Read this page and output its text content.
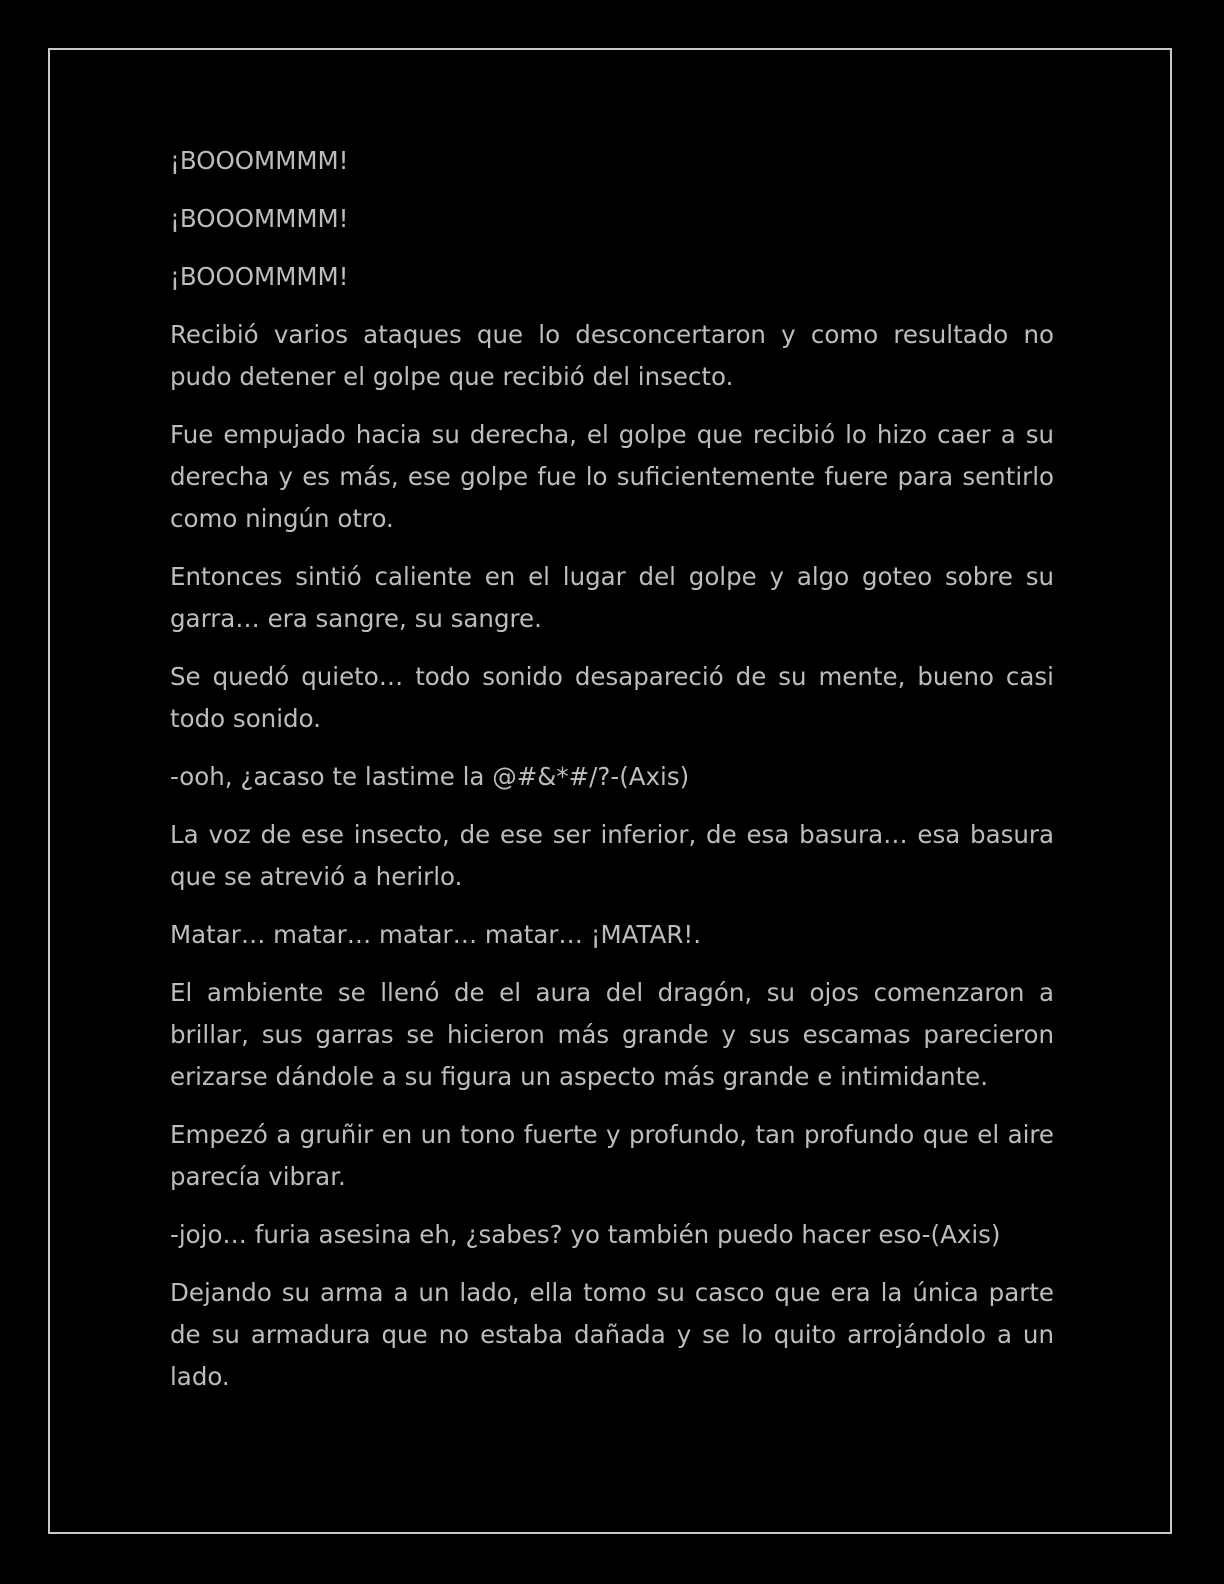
¡BOOOMMMM!

¡BOOOMMMM!

¡BOOOMMMM!

Recibió varios ataques que lo desconcertaron y como resultado no pudo detener el golpe que recibió del insecto.

Fue empujado hacia su derecha, el golpe que recibió lo hizo caer a su derecha y es más, ese golpe fue lo suficientemente fuere para sentirlo como ningún otro.

Entonces sintió caliente en el lugar del golpe y algo goteo sobre su garra… era sangre, su sangre.

Se quedó quieto… todo sonido desapareció de su mente, bueno casi todo sonido.

-ooh, ¿acaso te lastime la @#&*#/?-(Axis)

La voz de ese insecto, de ese ser inferior, de esa basura… esa basura que se atrevió a herirlo.

Matar… matar… matar… matar… ¡MATAR!.

El ambiente se llenó de el aura del dragón, su ojos comenzaron a brillar, sus garras se hicieron más grande y sus escamas parecieron erizarse dándole a su figura un aspecto más grande e intimidante.

Empezó a gruñir en un tono fuerte y profundo, tan profundo que el aire parecía vibrar.

-jojo… furia asesina eh, ¿sabes? yo también puedo hacer eso-(Axis)

Dejando su arma a un lado, ella tomo su casco que era la única parte de su armadura que no estaba dañada y se lo quito arrojándolo a un lado.
